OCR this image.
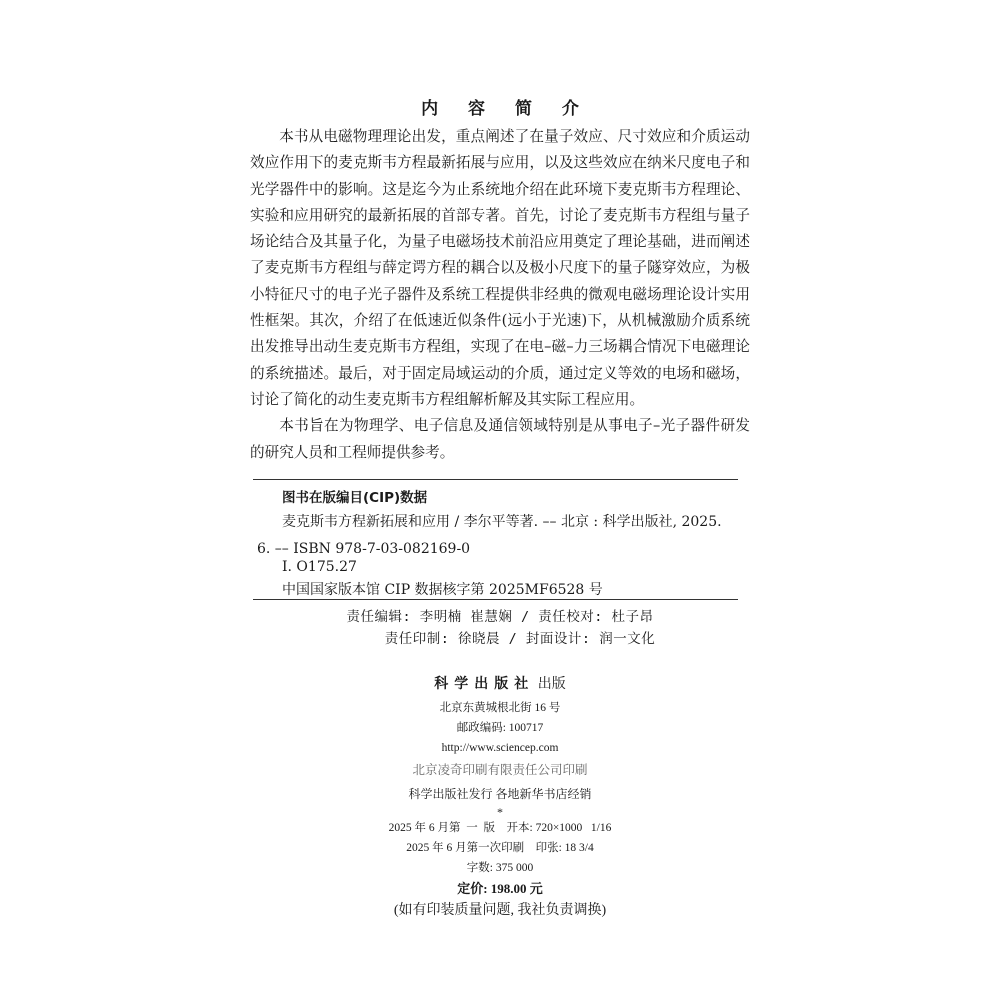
内 容 简 介

本书从电磁物理理论出发，重点阐述了在量子效应、尺寸效应和介质运动效应作用下的麦克斯韦方程最新拓展与应用，以及这些效应在纳米尺度电子和光学器件中的影响。这是迄今为止系统地介绍在此环境下麦克斯韦方程理论、实验和应用研究的最新拓展的首部专著。首先，讨论了麦克斯韦方程组与量子场论结合及其量子化，为量子电磁场技术前沿应用奠定了理论基础，进而阐述了麦克斯韦方程组与薛定谔方程的耦合以及极小尺度下的量子隧穿效应，为极小特征尺寸的电子光子器件及系统工程提供非经典的微观电磁场理论设计实用性框架。其次，介绍了在低速近似条件(远小于光速)下，从机械激励介质系统出发推导出动生麦克斯韦方程组，实现了在电–磁–力三场耦合情况下电磁理论的系统描述。最后，对于固定局域运动的介质，通过定义等效的电场和磁场，讨论了简化的动生麦克斯韦方程组解析解及其实际工程应用。

本书旨在为物理学、电子信息及通信领域特别是从事电子–光子器件研发的研究人员和工程师提供参考。

图书在版编目(CIP)数据
麦克斯韦方程新拓展和应用 / 李尔平等著. –– 北京 : 科学出版社, 2025.
6. –– ISBN 978-7-03-082169-0
Ⅰ. O175.27
中国国家版本馆 CIP 数据核字第 2025MF6528 号
责任编辑: 李明楠 崔慧娴 / 责任校对: 杜子昂
责任印制: 徐晓晨 / 封面设计: 润一文化
科学出版社 出版
北京东黄城根北街 16 号
邮政编码: 100717
http://www.sciencep.com
北京凌奇印刷有限责任公司印刷
科学出版社发行 各地新华书店经销
*
2025 年 6 月第  一  版    开本: 720×1000   1/16
2025 年 6 月第一次印刷    印张: 18 3/4
字数: 375 000
定价: 198.00 元
(如有印装质量问题, 我社负责调换)
